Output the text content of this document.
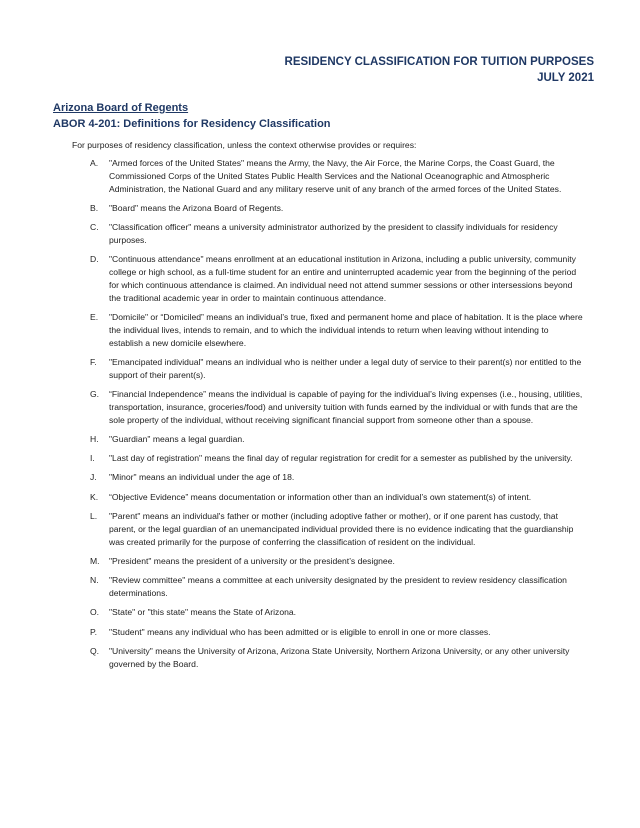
RESIDENCY CLASSIFICATION FOR TUITION PURPOSES
JULY 2021
Arizona Board of Regents
ABOR 4-201: Definitions for Residency Classification
For purposes of residency classification, unless the context otherwise provides or requires:
A. "Armed forces of the United States" means the Army, the Navy, the Air Force, the Marine Corps, the Coast Guard, the Commissioned Corps of the United States Public Health Services and the National Oceanographic and Atmospheric Administration, the National Guard and any military reserve unit of any branch of the armed forces of the United States.
B. "Board" means the Arizona Board of Regents.
C. "Classification officer" means a university administrator authorized by the president to classify individuals for residency purposes.
D. "Continuous attendance" means enrollment at an educational institution in Arizona, including a public university, community college or high school, as a full-time student for an entire and uninterrupted academic year from the beginning of the period for which continuous attendance is claimed. An individual need not attend summer sessions or other intersessions beyond the traditional academic year in order to maintain continuous attendance.
E. "Domicile" or “Domiciled” means an individual’s true, fixed and permanent home and place of habitation. It is the place where the individual lives, intends to remain, and to which the individual intends to return when leaving without intending to establish a new domicile elsewhere.
F. "Emancipated individual" means an individual who is neither under a legal duty of service to their parent(s) nor entitled to the support of their parent(s).
G. “Financial Independence” means the individual is capable of paying for the individual’s living expenses (i.e., housing, utilities, transportation, insurance, groceries/food) and university tuition with funds earned by the individual or with funds that are the sole property of the individual, without receiving significant financial support from someone other than a spouse.
H. "Guardian" means a legal guardian.
I. "Last day of registration" means the final day of regular registration for credit for a semester as published by the university.
J. "Minor" means an individual under the age of 18.
K. “Objective Evidence” means documentation or information other than an individual’s own statement(s) of intent.
L. "Parent" means an individual's father or mother (including adoptive father or mother), or if one parent has custody, that parent, or the legal guardian of an unemancipated individual provided there is no evidence indicating that the guardianship was created primarily for the purpose of conferring the classification of resident on the individual.
M. "President" means the president of a university or the president’s designee.
N. "Review committee" means a committee at each university designated by the president to review residency classification determinations.
O. "State" or "this state" means the State of Arizona.
P. "Student" means any individual who has been admitted or is eligible to enroll in one or more classes.
Q. "University" means the University of Arizona, Arizona State University, Northern Arizona University, or any other university governed by the Board.
